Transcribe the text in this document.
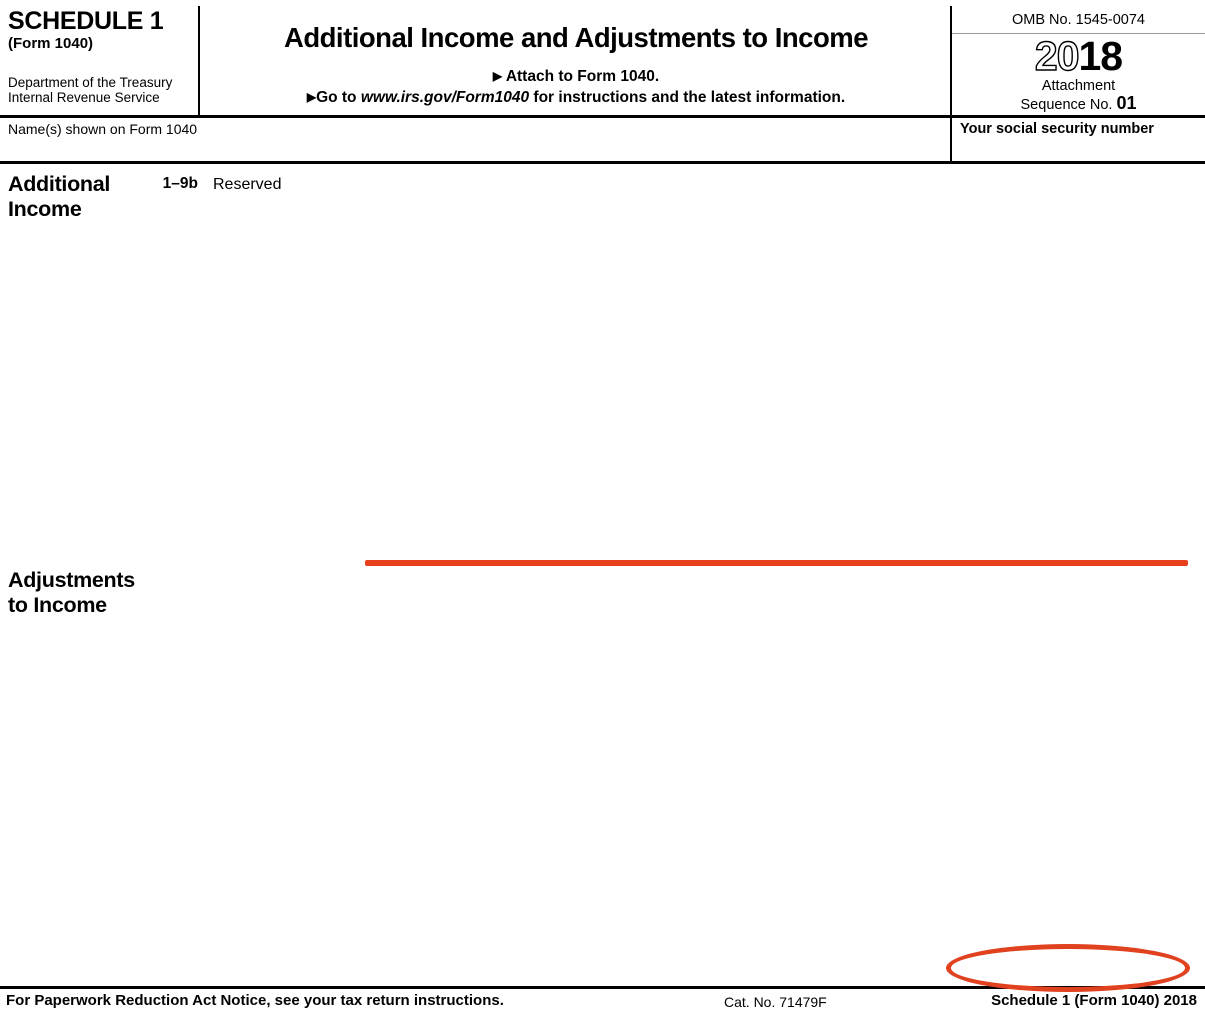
SCHEDULE 1
(Form 1040)
Department of the Treasury
Internal Revenue Service
Additional Income and Adjustments to Income
▶ Attach to Form 1040.
▶Go to www.irs.gov/Form1040 for instructions and the latest information.
OMB No. 1545-0074
2018
Attachment
Sequence No. 01
Name(s) shown on Form 1040	Your social security number
Additional
Income
Adjustments
to Income
1–9b Reserved
For Paperwork Reduction Act Notice, see your tax return instructions.	Cat. No. 71479F	Schedule 1 (Form 1040) 2018
